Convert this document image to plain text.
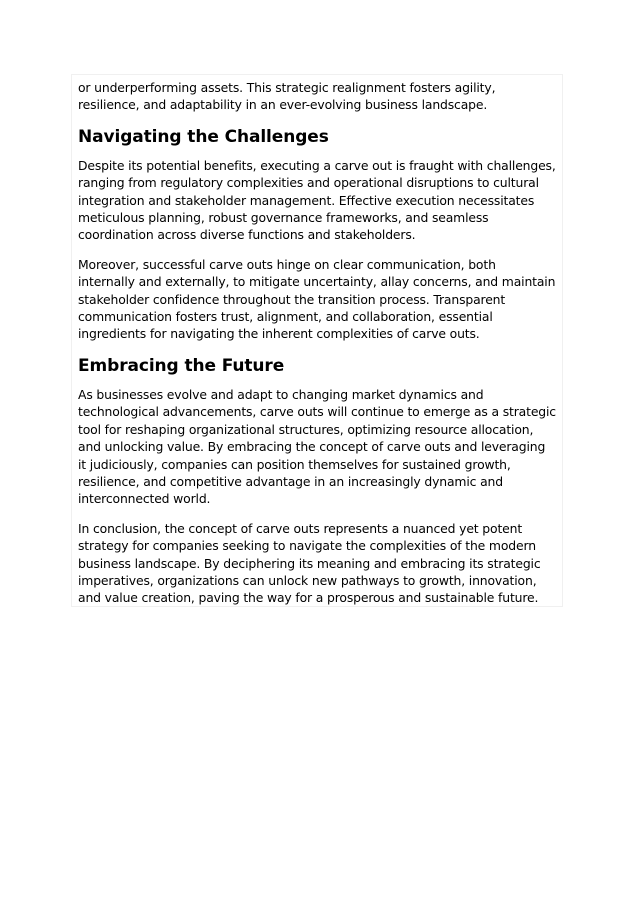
or underperforming assets. This strategic realignment fosters agility, resilience, and adaptability in an ever-evolving business landscape.

Navigating the Challenges

Despite its potential benefits, executing a carve out is fraught with challenges, ranging from regulatory complexities and operational disruptions to cultural integration and stakeholder management. Effective execution necessitates meticulous planning, robust governance frameworks, and seamless coordination across diverse functions and stakeholders.

Moreover, successful carve outs hinge on clear communication, both internally and externally, to mitigate uncertainty, allay concerns, and maintain stakeholder confidence throughout the transition process. Transparent communication fosters trust, alignment, and collaboration, essential ingredients for navigating the inherent complexities of carve outs.

Embracing the Future

As businesses evolve and adapt to changing market dynamics and technological advancements, carve outs will continue to emerge as a strategic tool for reshaping organizational structures, optimizing resource allocation, and unlocking value. By embracing the concept of carve outs and leveraging it judiciously, companies can position themselves for sustained growth, resilience, and competitive advantage in an increasingly dynamic and interconnected world.

In conclusion, the concept of carve outs represents a nuanced yet potent strategy for companies seeking to navigate the complexities of the modern business landscape. By deciphering its meaning and embracing its strategic imperatives, organizations can unlock new pathways to growth, innovation, and value creation, paving the way for a prosperous and sustainable future.
